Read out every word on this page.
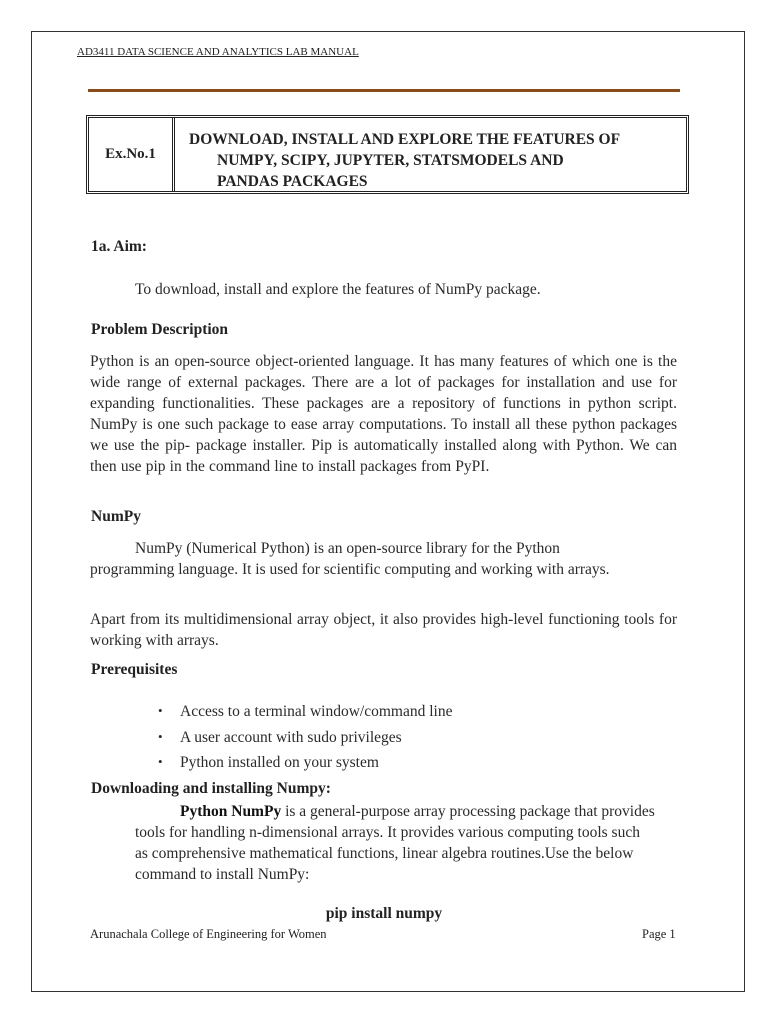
AD3411 DATA SCIENCE AND ANALYTICS LAB MANUAL
Ex.No.1
DOWNLOAD, INSTALL AND EXPLORE THE FEATURES OF
NUMPY, SCIPY, JUPYTER, STATSMODELS AND
PANDAS PACKAGES
1a. Aim:
To download, install and explore the features of NumPy package.
Problem Description
Python is an open-source object-oriented language. It has many features of which one is the wide range of external packages. There are a lot of packages for installation and use for expanding functionalities. These packages are a repository of functions in python script. NumPy is one such package to ease array computations. To install all these python packages we use the pip- package installer. Pip is automatically installed along with Python. We can then use pip in the command line to install packages from PyPI.
NumPy
NumPy (Numerical Python) is an open-source library for the Python programming language. It is used for scientific computing and working with arrays.
Apart from its multidimensional array object, it also provides high-level functioning tools for working with arrays.
Prerequisites
• Access to a terminal window/command line
• A user account with sudo privileges
• Python installed on your system
Downloading and installing Numpy:
Python NumPy is a general-purpose array processing package that provides tools for handling n-dimensional arrays. It provides various computing tools such as comprehensive mathematical functions, linear algebra routines.Use the below command to install NumPy:
pip install numpy
Arunachala College of Engineering for Women	Page 1
